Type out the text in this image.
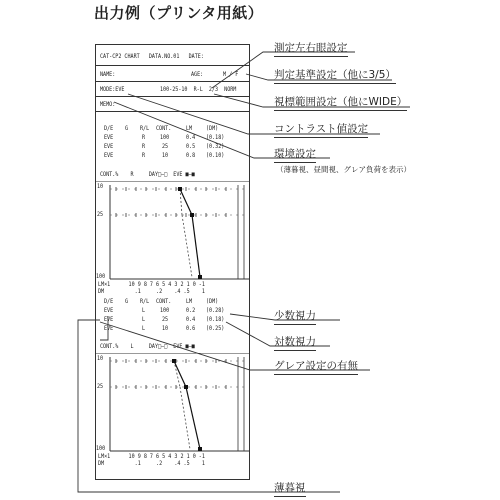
出力例（プリンタ用紙）
CAT-CP2 CHART   DATA.NO.01   DATE:
NAME:	AGE:	M / F
MODE:EVE	100-25-10  R-L  2/3  NORM
MEMO:
D/E G R/L CONT. LM (DM)
EVE	R 100	0.4 (0.18)
EVE	R	25	0.5 (0.32)
EVE	R	10	0.8 (0.10)
CONT.%    R     DAY□—□  EVE ■—■
10
25
100
LM×1      10 9 8 7 6 5 4 3 2 1 0 -1
DM          .1     .2    .4 .5    1
D/E G R/L CONT. LM (DM)
EVE	L 100	0.2 (0.28)
EVE	L	25	0.4 (0.18)
EVE	L	10	0.6 (0.25)
CONT.%    L     DAY□—□  EVE ■—■
10
25
100
LM×1      10 9 8 7 6 5 4 3 2 1 0 -1
DM          .1     .2    .4 .5    1
測定左右眼設定
判定基準設定（他に3/5）
視標範囲設定（他にWIDE）
コントラスト値設定
環境設定
（薄暮視、昼間視、グレア負荷を表示）
少数視力
対数視力
グレア設定の有無
薄暮視
